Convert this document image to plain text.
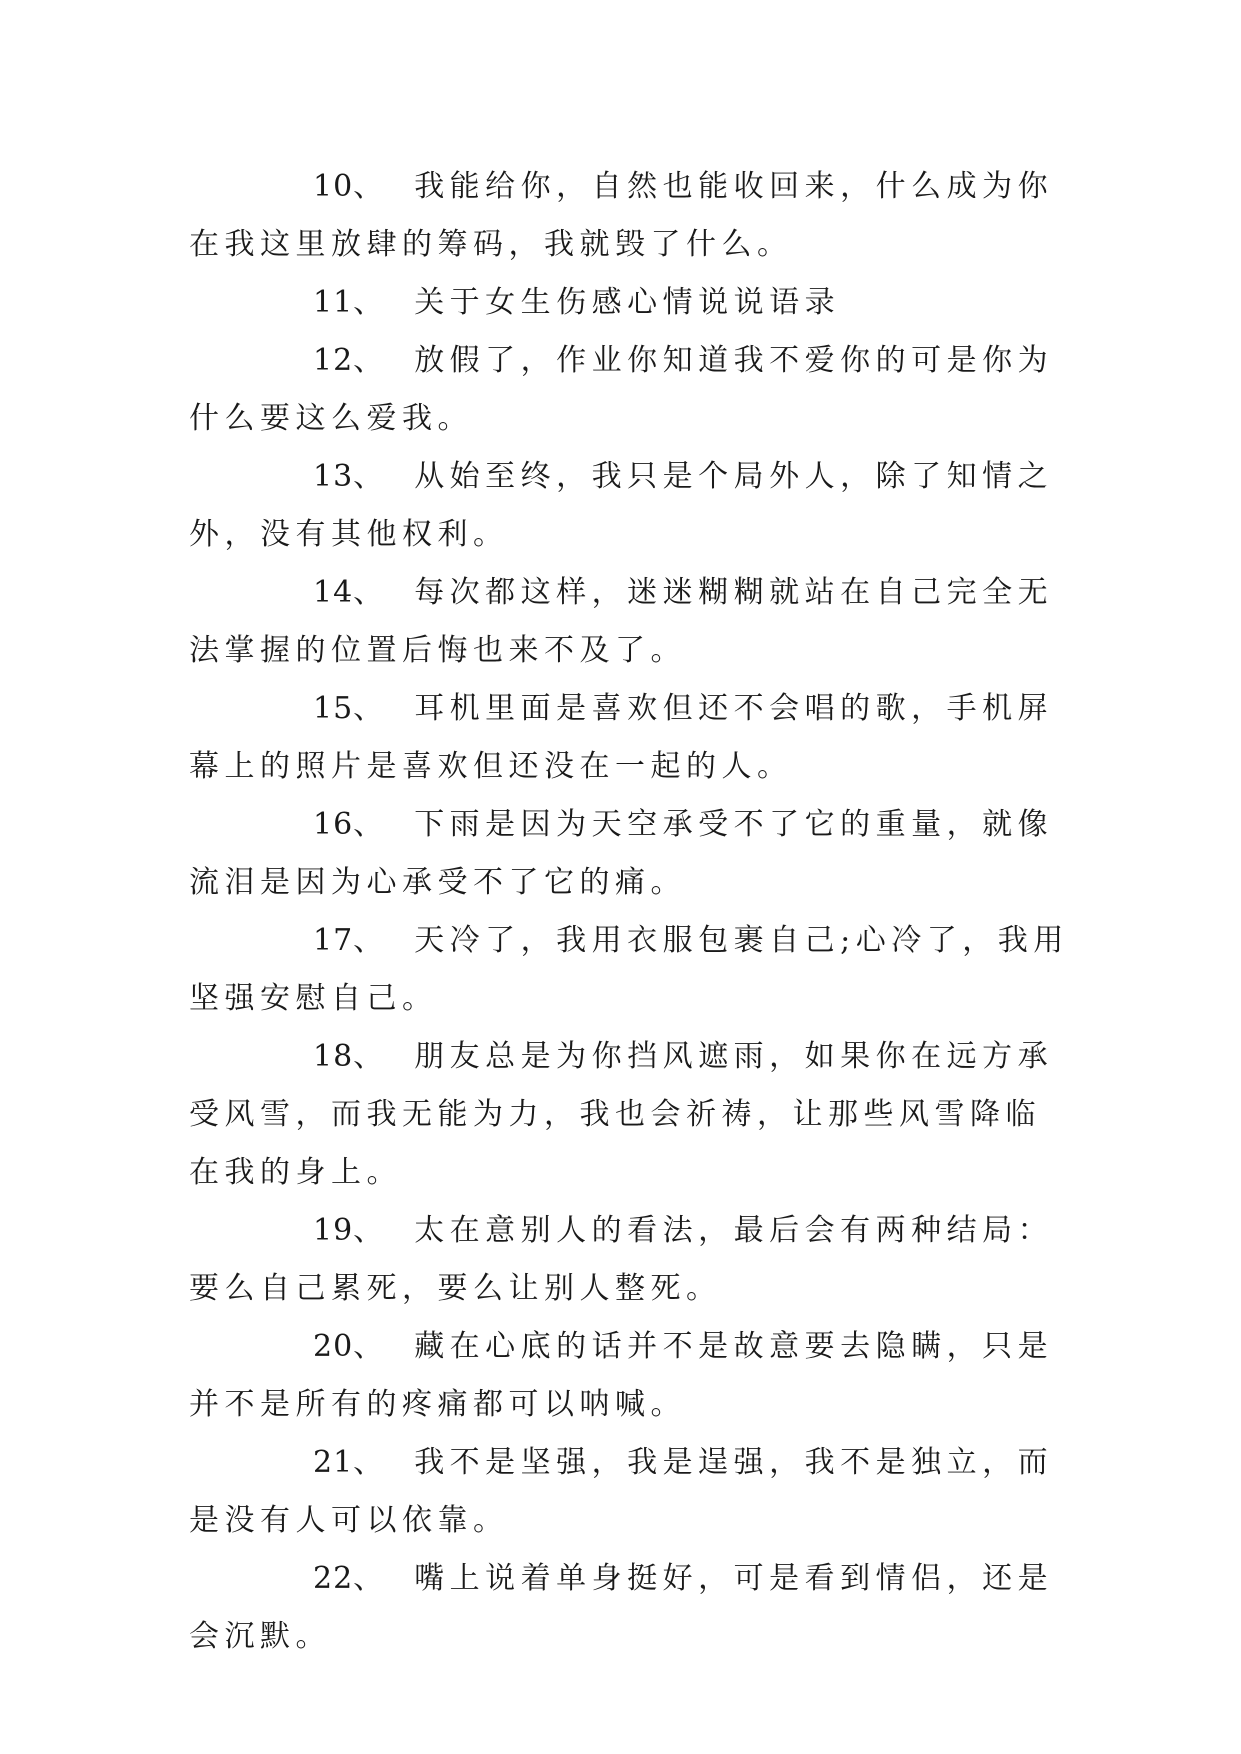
10、 我能给你，自然也能收回来，什么成为你在我这里放肆的筹码，我就毁了什么。

11、 关于女生伤感心情说说语录

12、 放假了，作业你知道我不爱你的可是你为什么要这么爱我。

13、 从始至终，我只是个局外人，除了知情之外，没有其他权利。

14、 每次都这样，迷迷糊糊就站在自己完全无法掌握的位置后悔也来不及了。

15、 耳机里面是喜欢但还不会唱的歌，手机屏幕上的照片是喜欢但还没在一起的人。

16、 下雨是因为天空承受不了它的重量，就像流泪是因为心承受不了它的痛。

17、 天冷了，我用衣服包裹自己;心冷了，我用坚强安慰自己。

18、 朋友总是为你挡风遮雨，如果你在远方承受风雪，而我无能为力，我也会祈祷，让那些风雪降临在我的身上。

19、 太在意别人的看法，最后会有两种结局：要么自己累死，要么让别人整死。

20、 藏在心底的话并不是故意要去隐瞒，只是并不是所有的疼痛都可以呐喊。

21、 我不是坚强，我是逞强，我不是独立，而是没有人可以依靠。

22、 嘴上说着单身挺好，可是看到情侣，还是会沉默。
